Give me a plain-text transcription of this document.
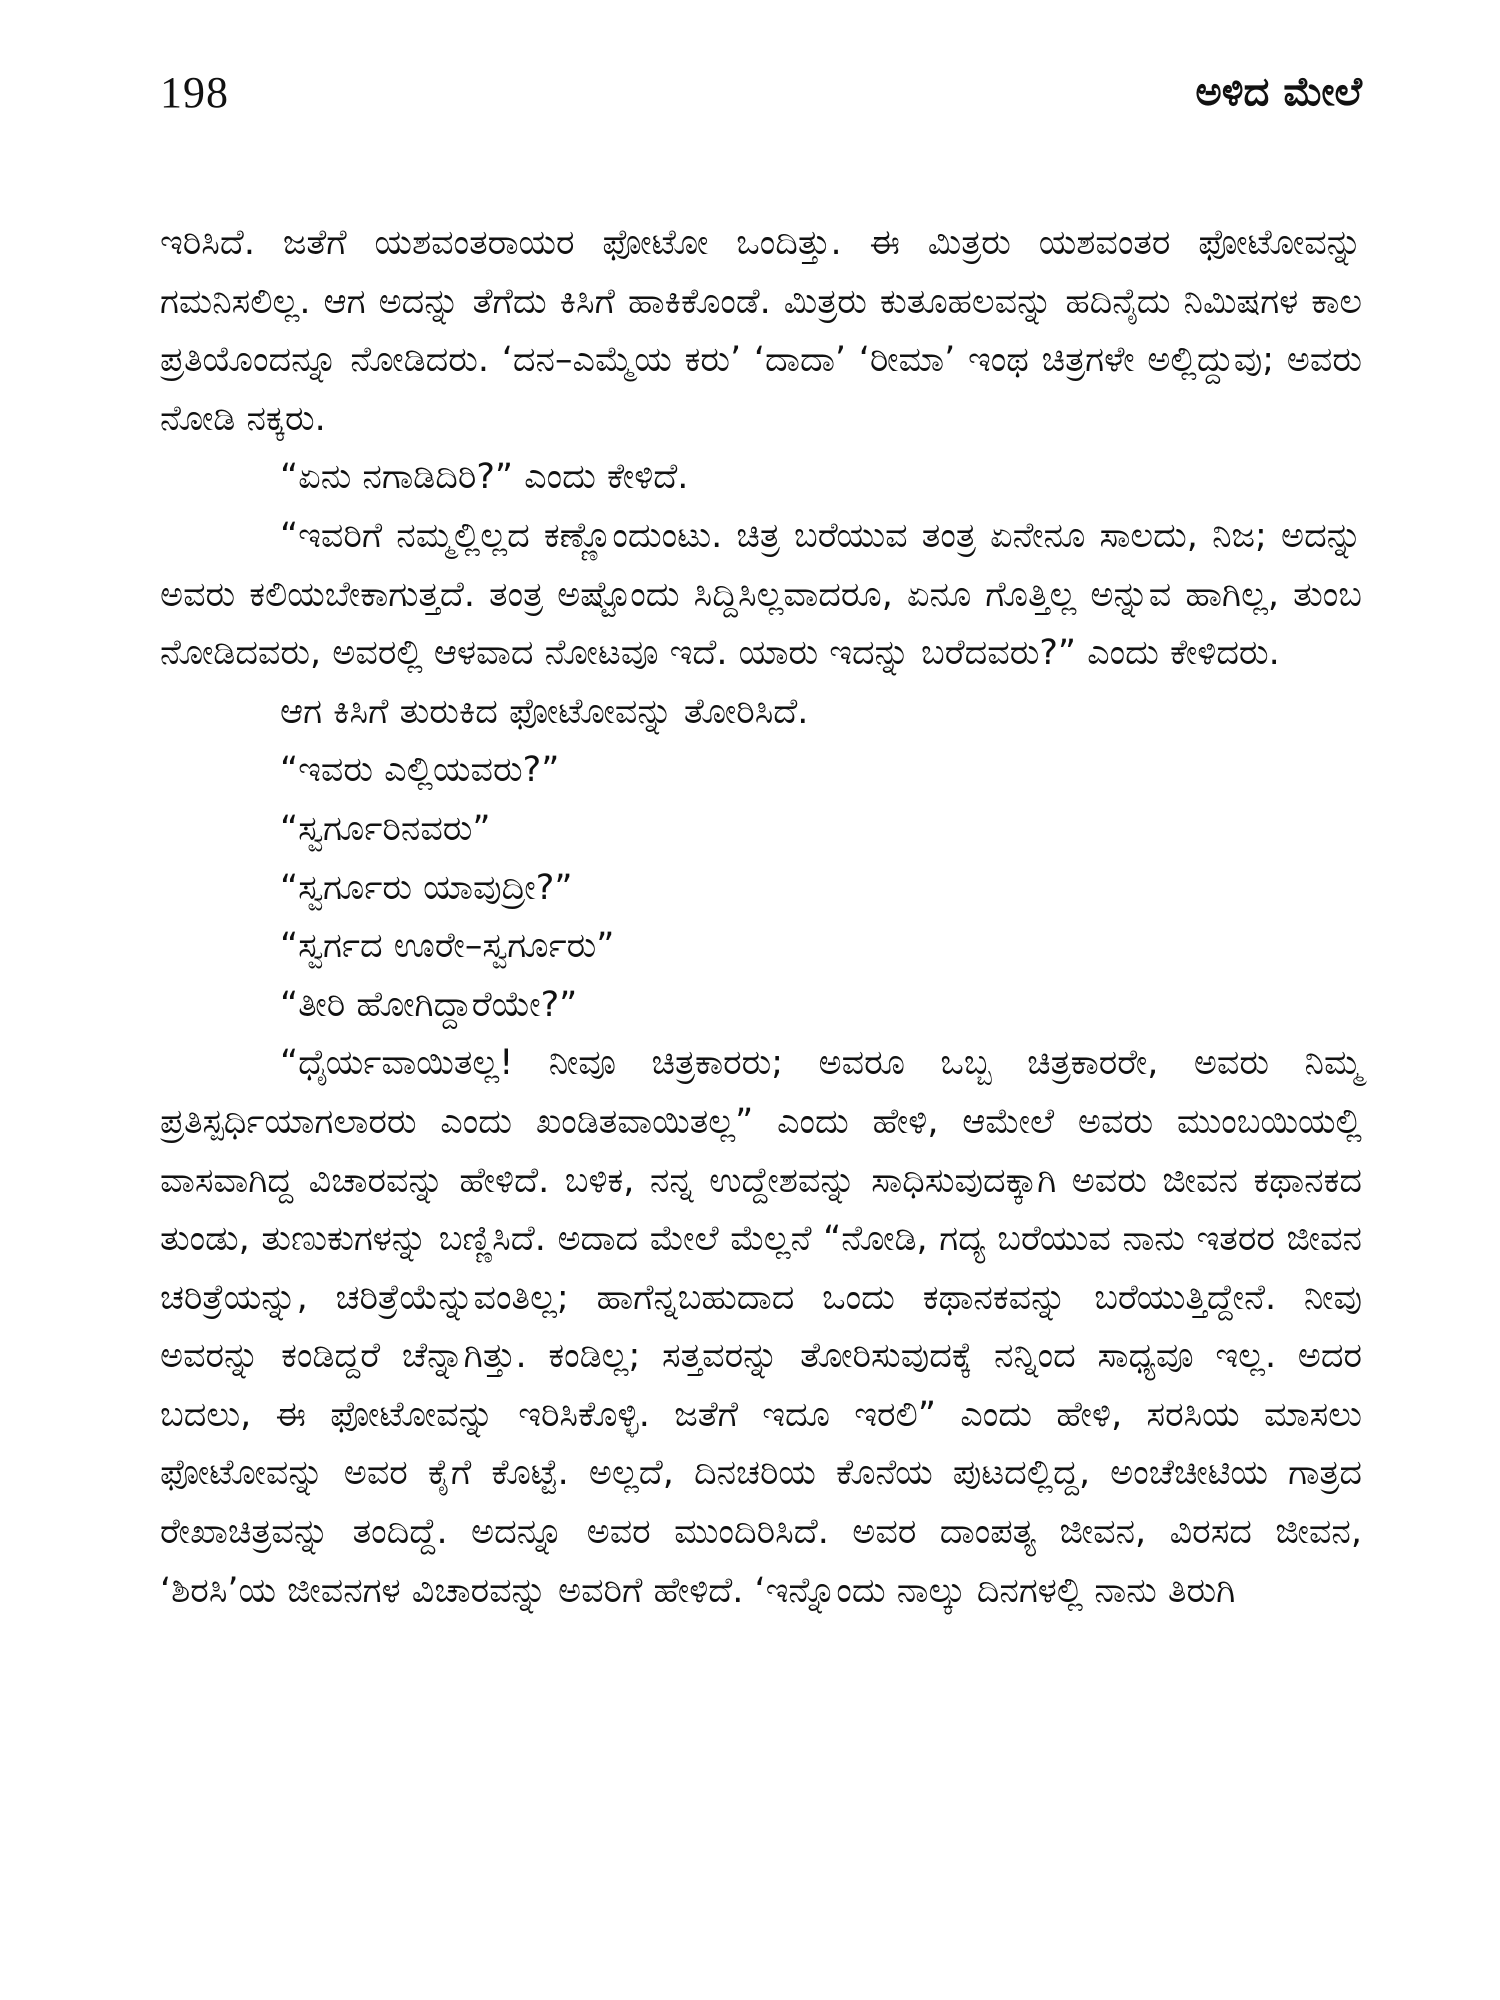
198	ಅಳಿದ ಮೇಲೆ

ಇರಿಸಿದೆ. ಜತೆಗೆ ಯಶವಂತರಾಯರ ಫೋಟೋ ಒಂದಿತ್ತು. ಈ ಮಿತ್ರರು ಯಶವಂತರ ಫೋಟೋವನ್ನು ಗಮನಿಸಲಿಲ್ಲ. ಆಗ ಅದನ್ನು ತೆಗೆದು ಕಿಸಿಗೆ ಹಾಕಿಕೊಂಡೆ. ಮಿತ್ರರು ಕುತೂಹಲವನ್ನು ಹದಿನೈದು ನಿಮಿಷಗಳ ಕಾಲ ಪ್ರತಿಯೊಂದನ್ನೂ ನೋಡಿದರು. ‘ದನ–ಎಮ್ಮೆಯ ಕರು’ ‘ದಾದಾ’ ‘ರೀಮಾ’ ಇಂಥ ಚಿತ್ರಗಳೇ ಅಲ್ಲಿದ್ದುವು; ಅವರು ನೋಡಿ ನಕ್ಕರು.

“ಏನು ನಗಾಡಿದಿರಿ?” ಎಂದು ಕೇಳಿದೆ.

“ಇವರಿಗೆ ನಮ್ಮಲ್ಲಿಲ್ಲದ ಕಣ್ಣೊಂದುಂಟು. ಚಿತ್ರ ಬರೆಯುವ ತಂತ್ರ ಏನೇನೂ ಸಾಲದು, ನಿಜ; ಅದನ್ನು ಅವರು ಕಲಿಯಬೇಕಾಗುತ್ತದೆ. ತಂತ್ರ ಅಷ್ಟೊಂದು ಸಿದ್ದಿಸಿಲ್ಲವಾದರೂ, ಏನೂ ಗೊತ್ತಿಲ್ಲ ಅನ್ನುವ ಹಾಗಿಲ್ಲ, ತುಂಬ ನೋಡಿದವರು, ಅವರಲ್ಲಿ ಆಳವಾದ ನೋಟವೂ ಇದೆ. ಯಾರು ಇದನ್ನು ಬರೆದವರು?” ಎಂದು ಕೇಳಿದರು.

ಆಗ ಕಿಸಿಗೆ ತುರುಕಿದ ಫೋಟೋವನ್ನು ತೋರಿಸಿದೆ.

“ಇವರು ಎಲ್ಲಿಯವರು?”

“ಸ್ವರ್ಗೂರಿನವರು”

“ಸ್ವರ್ಗೂರು ಯಾವುದ್ರೀ?”

“ಸ್ವರ್ಗದ ಊರೇ–ಸ್ವರ್ಗೂರು”

“ತೀರಿ ಹೋಗಿದ್ದಾರೆಯೇ?”

“ಧೈರ್ಯವಾಯಿತಲ್ಲ! ನೀವೂ ಚಿತ್ರಕಾರರು; ಅವರೂ ಒಬ್ಬ ಚಿತ್ರಕಾರರೇ, ಅವರು ನಿಮ್ಮ ಪ್ರತಿಸ್ಪರ್ಧಿಯಾಗಲಾರರು ಎಂದು ಖಂಡಿತವಾಯಿತಲ್ಲ” ಎಂದು ಹೇಳಿ, ಆಮೇಲೆ ಅವರು ಮುಂಬಯಿಯಲ್ಲಿ ವಾಸವಾಗಿದ್ದ ವಿಚಾರವನ್ನು ಹೇಳಿದೆ. ಬಳಿಕ, ನನ್ನ ಉದ್ದೇಶವನ್ನು ಸಾಧಿಸುವುದಕ್ಕಾಗಿ ಅವರು ಜೀವನ ಕಥಾನಕದ ತುಂಡು, ತುಣುಕುಗಳನ್ನು ಬಣ್ಣಿಸಿದೆ. ಅದಾದ ಮೇಲೆ ಮೆಲ್ಲನೆ “ನೋಡಿ, ಗದ್ಯ ಬರೆಯುವ ನಾನು ಇತರರ ಜೀವನ ಚರಿತ್ರೆಯನ್ನು, ಚರಿತ್ರೆಯೆನ್ನುವಂತಿಲ್ಲ; ಹಾಗೆನ್ನಬಹುದಾದ ಒಂದು ಕಥಾನಕವನ್ನು ಬರೆಯುತ್ತಿದ್ದೇನೆ. ನೀವು ಅವರನ್ನು ಕಂಡಿದ್ದರೆ ಚೆನ್ನಾಗಿತ್ತು. ಕಂಡಿಲ್ಲ; ಸತ್ತವರನ್ನು ತೋರಿಸುವುದಕ್ಕೆ ನನ್ನಿಂದ ಸಾಧ್ಯವೂ ಇಲ್ಲ. ಅದರ ಬದಲು, ಈ ಫೋಟೋವನ್ನು ಇರಿಸಿಕೊಳ್ಳಿ. ಜತೆಗೆ ಇದೂ ಇರಲಿ” ಎಂದು ಹೇಳಿ, ಸರಸಿಯ ಮಾಸಲು ಫೋಟೋವನ್ನು ಅವರ ಕೈಗೆ ಕೊಟ್ಟೆ. ಅಲ್ಲದೆ, ದಿನಚರಿಯ ಕೊನೆಯ ಪುಟದಲ್ಲಿದ್ದ, ಅಂಚೆಚೀಟಿಯ ಗಾತ್ರದ ರೇಖಾಚಿತ್ರವನ್ನು ತಂದಿದ್ದೆ. ಅದನ್ನೂ ಅವರ ಮುಂದಿರಿಸಿದೆ. ಅವರ ದಾಂಪತ್ಯ ಜೀವನ, ವಿರಸದ ಜೀವನ, ‘ಶಿರಸಿ’ಯ ಜೀವನಗಳ ವಿಚಾರವನ್ನು ಅವರಿಗೆ ಹೇಳಿದೆ. ‘ಇನ್ನೊಂದು ನಾಲ್ಕು ದಿನಗಳಲ್ಲಿ ನಾನು ತಿರುಗಿ
